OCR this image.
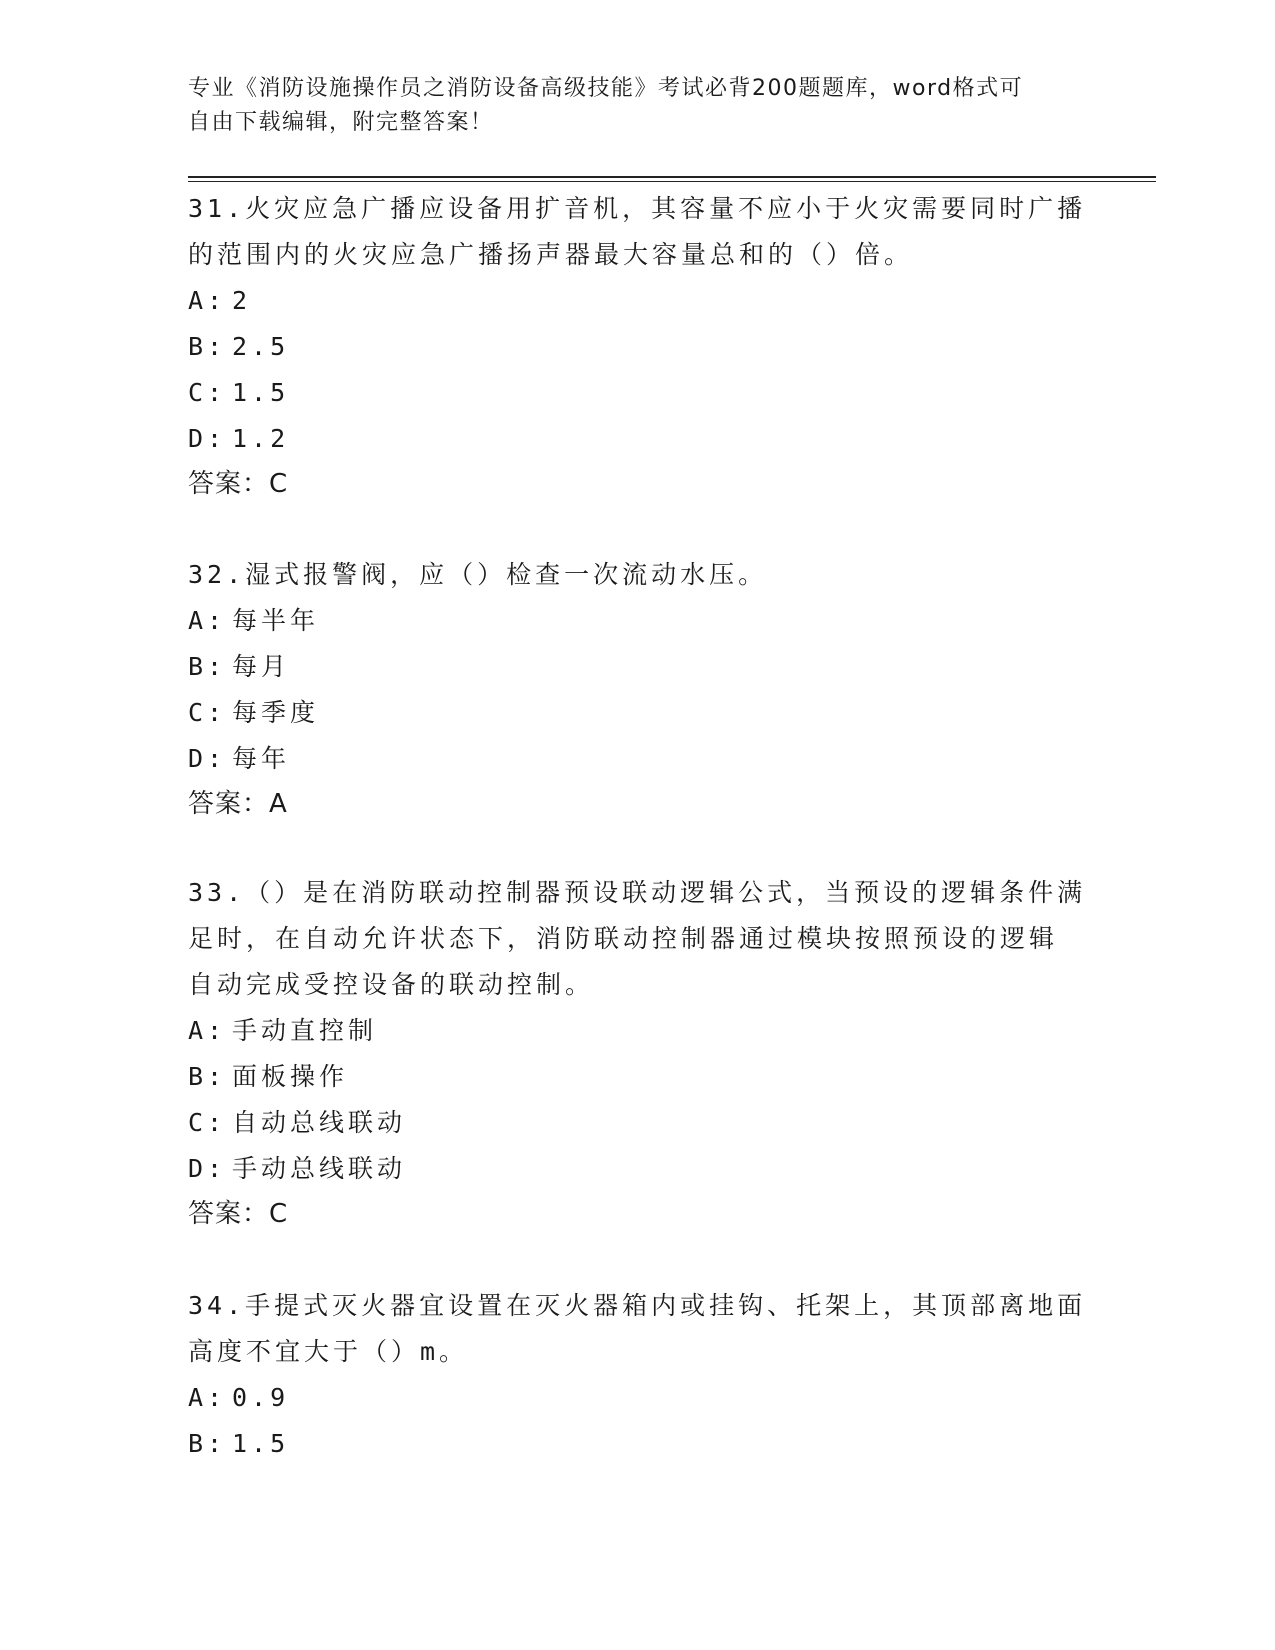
专业《消防设施操作员之消防设备高级技能》考试必背200题题库，word格式可
自由下载编辑，附完整答案！

31.火灾应急广播应设备用扩音机，其容量不应小于火灾需要同时广播

的范围内的火灾应急广播扬声器最大容量总和的（）倍。

A: 2
B: 2.5
C: 1.5
D: 1.2

答案：C

32.湿式报警阀，应（）检查一次流动水压。

A: 每半年
B: 每月
C: 每季度
D: 每年

答案：A

33.（）是在消防联动控制器预设联动逻辑公式，当预设的逻辑条件满

足时，在自动允许状态下，消防联动控制器通过模块按照预设的逻辑

自动完成受控设备的联动控制。

A: 手动直控制
B: 面板操作
C: 自动总线联动
D: 手动总线联动

答案：C

34.手提式灭火器宜设置在灭火器箱内或挂钩、托架上，其顶部离地面

高度不宜大于（）m。

A: 0.9
B: 1.5
